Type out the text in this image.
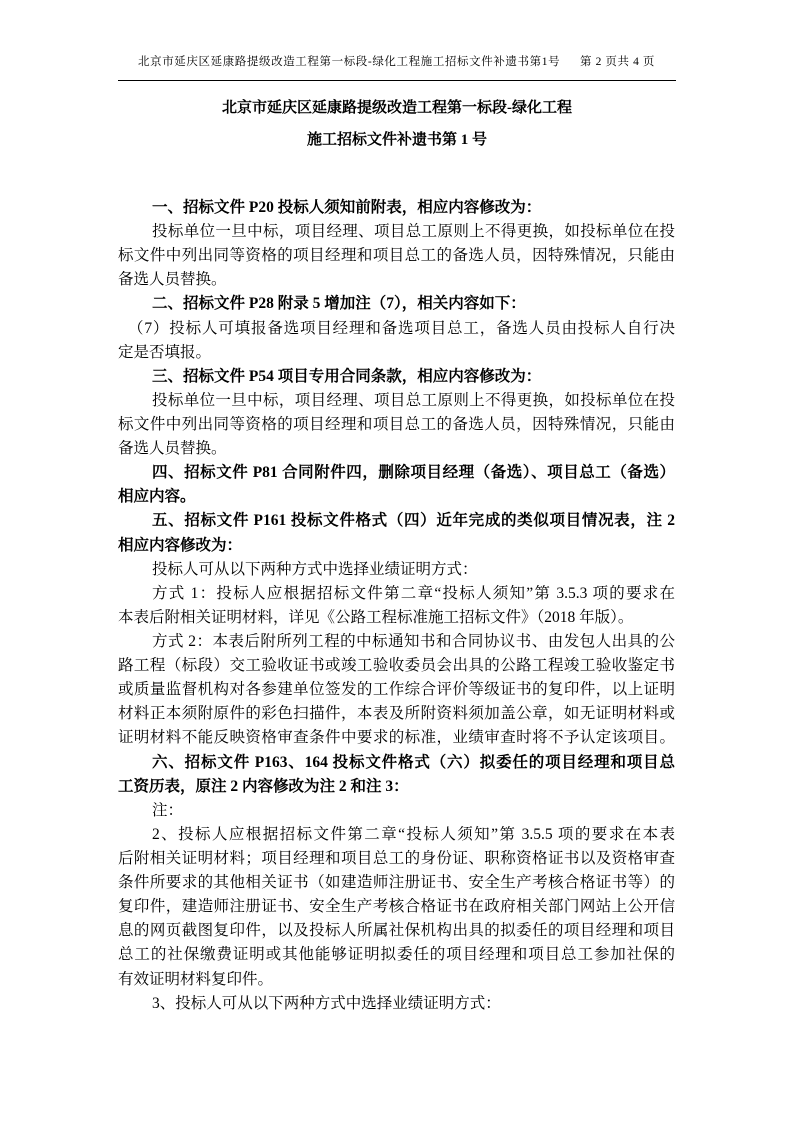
北京市延庆区延康路提级改造工程第一标段-绿化工程施工招标文件补遗书第1号 第 2 页共 4 页
北京市延庆区延康路提级改造工程第一标段-绿化工程
施工招标文件补遗书第 1 号
一、招标文件 P20 投标人须知前附表，相应内容修改为：
投标单位一旦中标，项目经理、项目总工原则上不得更换，如投标单位在投
标文件中列出同等资格的项目经理和项目总工的备选人员，因特殊情况，只能由
备选人员替换。
二、招标文件 P28 附录 5 增加注（7），相关内容如下：
（7）投标人可填报备选项目经理和备选项目总工，备选人员由投标人自行决
定是否填报。
三、招标文件 P54 项目专用合同条款，相应内容修改为：
投标单位一旦中标，项目经理、项目总工原则上不得更换，如投标单位在投
标文件中列出同等资格的项目经理和项目总工的备选人员，因特殊情况，只能由
备选人员替换。
四、招标文件 P81 合同附件四，删除项目经理（备选）、项目总工（备选）
相应内容。
五、招标文件 P161 投标文件格式（四）近年完成的类似项目情况表，注 2
相应内容修改为：
投标人可从以下两种方式中选择业绩证明方式：
方式 1：投标人应根据招标文件第二章“投标人须知”第 3.5.3 项的要求在
本表后附相关证明材料，详见《公路工程标准施工招标文件》（2018 年版）。
方式 2：本表后附所列工程的中标通知书和合同协议书、由发包人出具的公
路工程（标段）交工验收证书或竣工验收委员会出具的公路工程竣工验收鉴定书
或质量监督机构对各参建单位签发的工作综合评价等级证书的复印件，以上证明
材料正本须附原件的彩色扫描件，本表及所附资料须加盖公章，如无证明材料或
证明材料不能反映资格审查条件中要求的标准，业绩审查时将不予认定该项目。
六、招标文件 P163、164 投标文件格式（六）拟委任的项目经理和项目总
工资历表，原注 2 内容修改为注 2 和注 3：
注：
2、投标人应根据招标文件第二章“投标人须知”第 3.5.5 项的要求在本表
后附相关证明材料；项目经理和项目总工的身份证、职称资格证书以及资格审查
条件所要求的其他相关证书（如建造师注册证书、安全生产考核合格证书等）的
复印件，建造师注册证书、安全生产考核合格证书在政府相关部门网站上公开信
息的网页截图复印件，以及投标人所属社保机构出具的拟委任的项目经理和项目
总工的社保缴费证明或其他能够证明拟委任的项目经理和项目总工参加社保的
有效证明材料复印件。
3、投标人可从以下两种方式中选择业绩证明方式：
